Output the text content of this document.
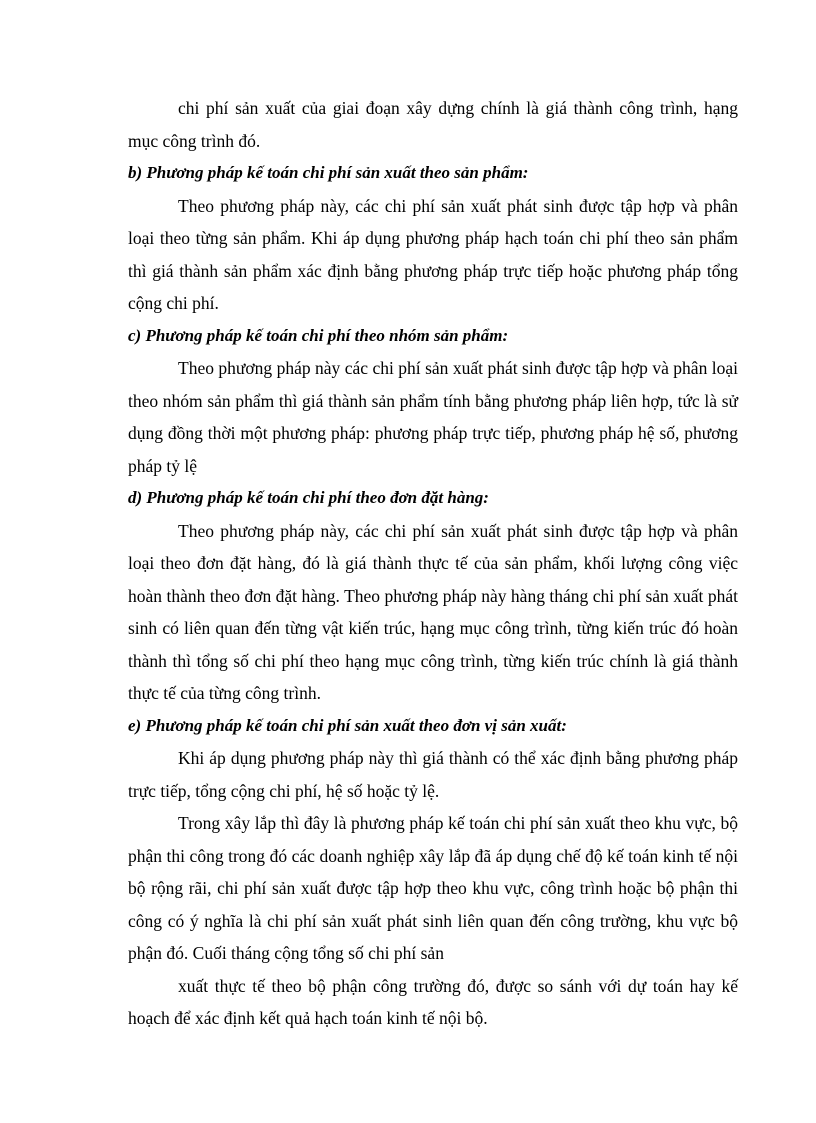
chi phí sản xuất của giai đoạn xây dựng chính là giá thành công trình, hạng mục công trình đó.

b) Phương pháp kế toán chi phí sản xuất theo sản phẩm:

Theo phương pháp này, các chi phí sản xuất phát sinh được tập hợp và phân loại theo từng sản phẩm. Khi áp dụng phương pháp hạch toán chi phí theo sản phẩm thì giá thành sản phẩm xác định bằng phương pháp trực tiếp hoặc phương pháp tổng cộng chi phí.

c) Phương pháp kế toán chi phí theo nhóm sản phẩm:

Theo phương pháp này các chi phí sản xuất phát sinh được tập hợp và phân loại theo nhóm sản phẩm thì giá thành sản phẩm tính bằng phương pháp liên hợp, tức là sử dụng đồng thời một phương pháp: phương pháp trực tiếp, phương pháp hệ số, phương pháp tỷ lệ

d) Phương pháp kế toán chi phí theo đơn đặt hàng:

Theo phương pháp này, các chi phí sản xuất phát sinh được tập hợp và phân loại theo đơn đặt hàng, đó là giá thành thực tế của sản phẩm, khối lượng công việc hoàn thành theo đơn đặt hàng. Theo phương pháp này hàng tháng chi phí sản xuất phát sinh có liên quan đến từng vật kiến trúc, hạng mục công trình, từng kiến trúc đó hoàn thành thì tổng số chi phí theo hạng mục công trình, từng kiến trúc chính là giá thành thực tế của từng công trình.

e) Phương pháp kế toán chi phí sản xuất theo đơn vị sản xuất:

Khi áp dụng phương pháp này thì giá thành có thể xác định bằng phương pháp trực tiếp, tổng cộng chi phí, hệ số hoặc tỷ lệ.

Trong xây lắp thì đây là phương pháp kế toán chi phí sản xuất theo khu vực, bộ phận thi công trong đó các doanh nghiệp xây lắp đã áp dụng chế độ kế toán kinh tế nội bộ rộng rãi, chi phí sản xuất được tập hợp theo khu vực, công trình hoặc bộ phận thi công có ý nghĩa là chi phí sản xuất phát sinh liên quan đến công trường, khu vực bộ phận đó. Cuối tháng cộng tổng số chi phí sản

xuất thực tế theo bộ phận công trường đó, được so sánh với dự toán hay kế hoạch để xác định kết quả hạch toán kinh tế nội bộ.
